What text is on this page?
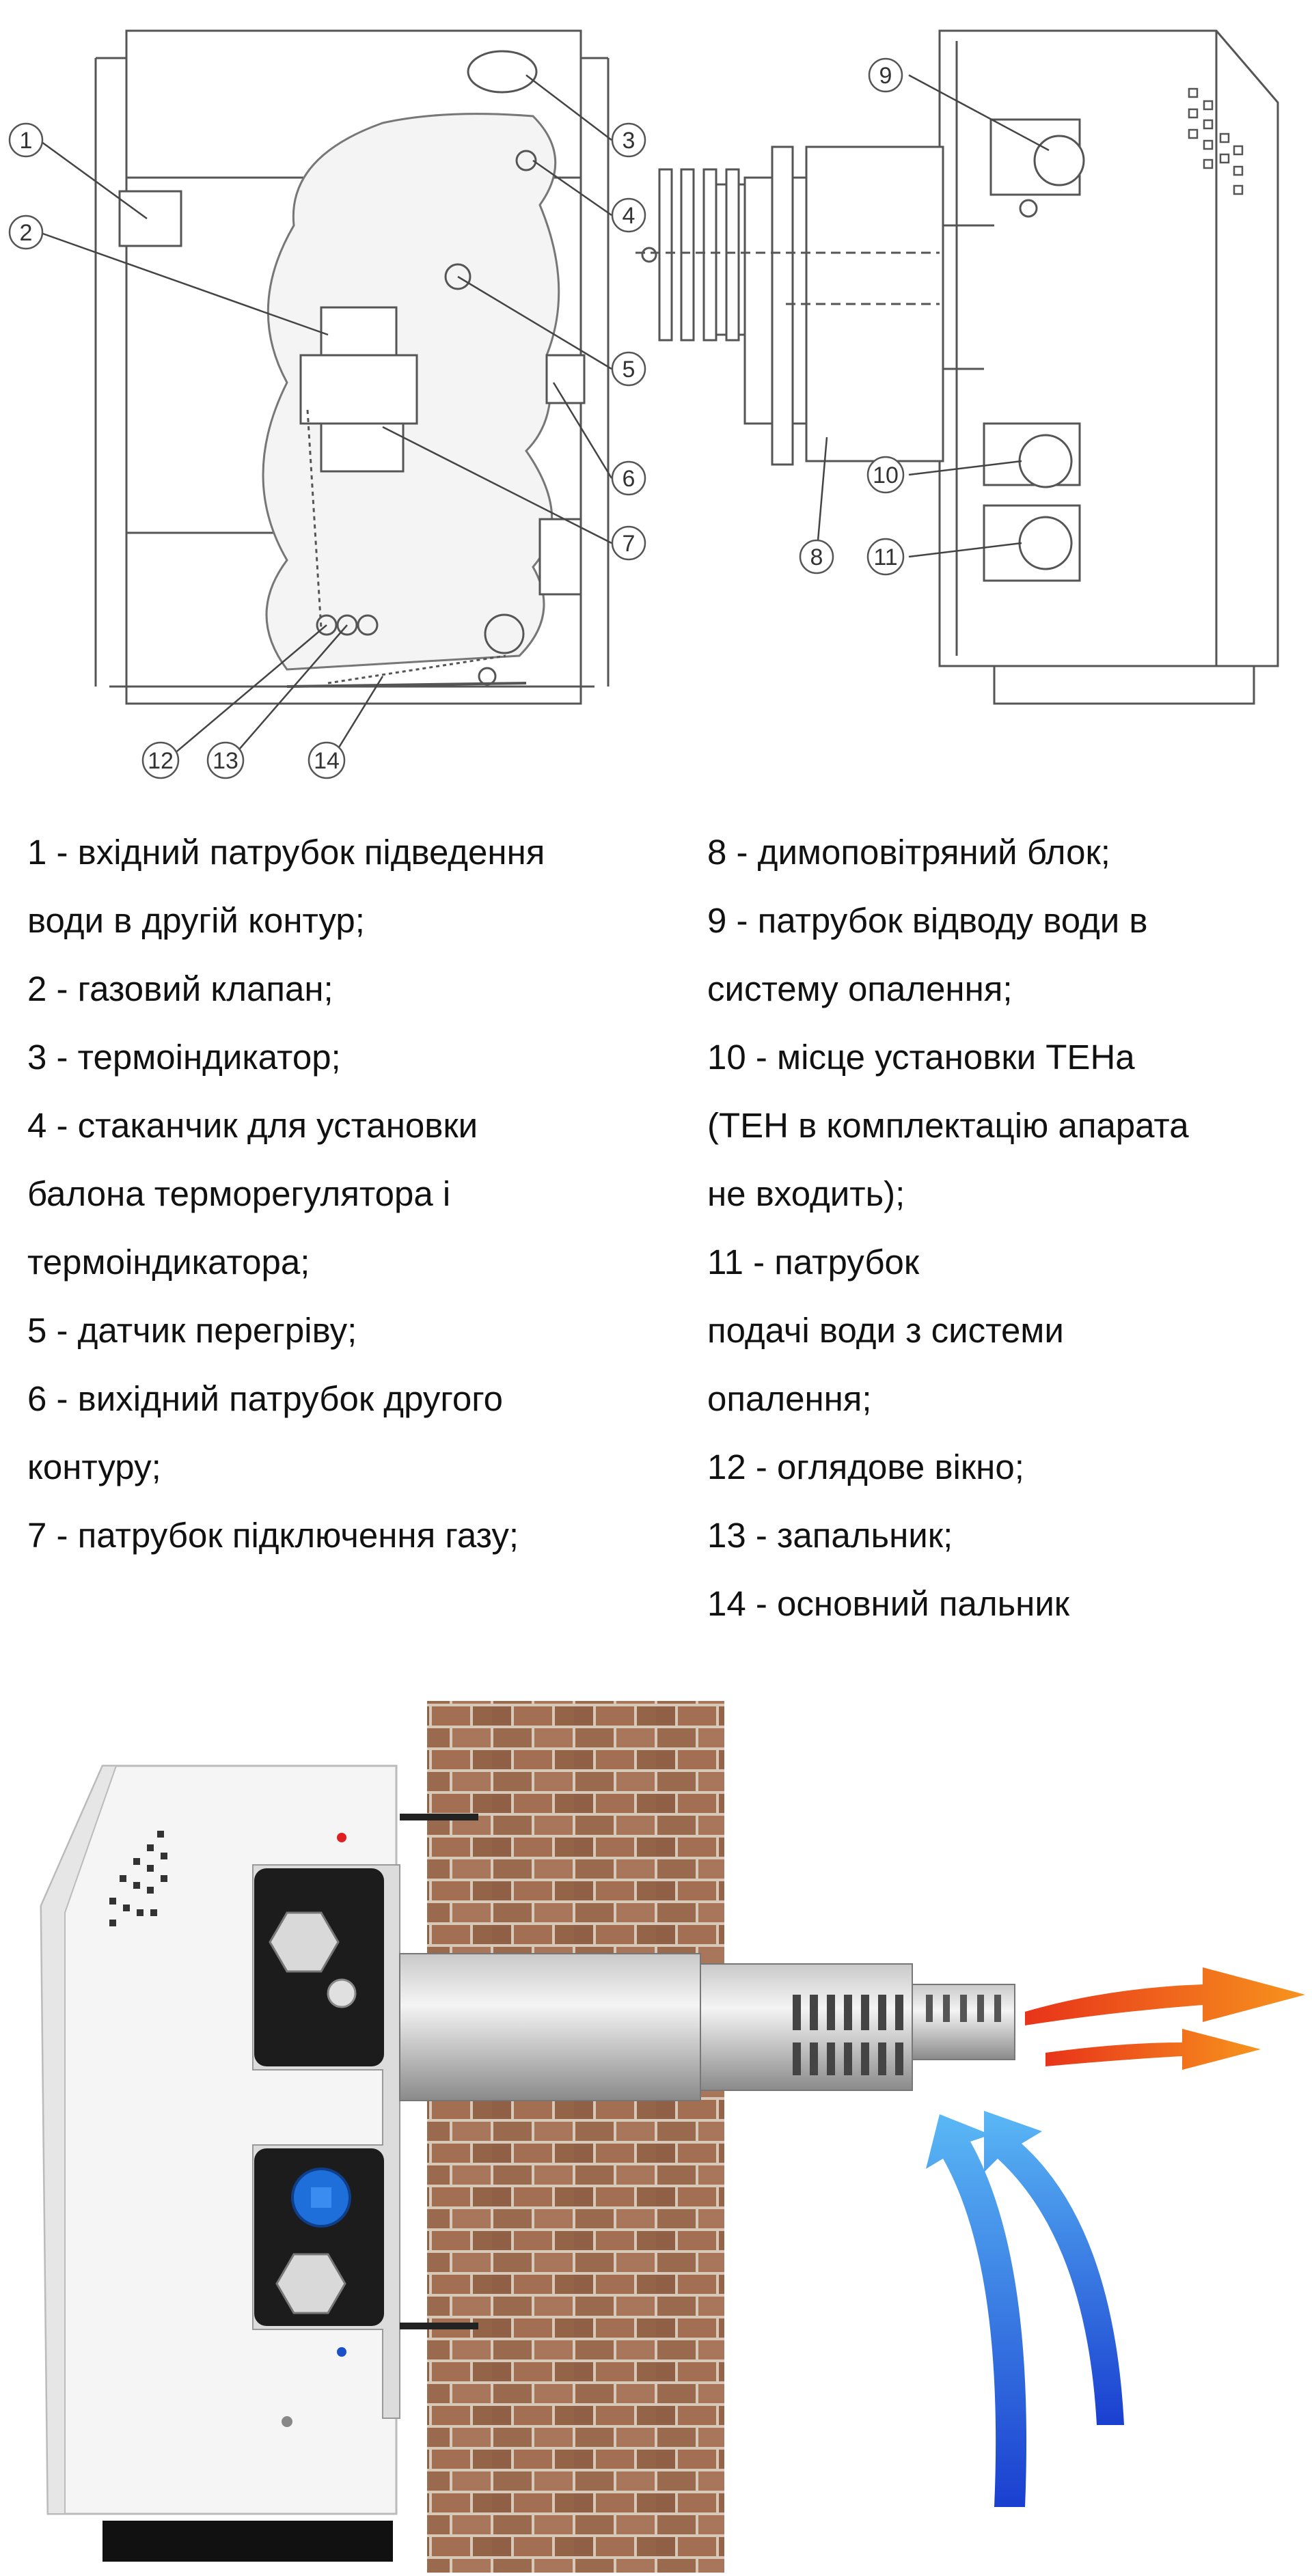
1
2
3
4
5
6
7
8
9
10
11
12 13	14
1 - вхідний патрубок підведення
води в другій контур;
2 - газовий клапан;
3 - термоіндикатор;
4 - стаканчик для установки
балона терморегулятора і
термоіндикатора;
5 - датчик перегріву;
6 - вихідний патрубок другого
контуру;
7 - патрубок підключення газу;
8 - димоповітряний блок;
9 - патрубок відводу води в
систему опалення;
10 - місце установки ТЕНа
(ТЕН в комплектацію апарата
не входить);
11 - патрубок
подачі води з системи
опалення;
12 - оглядове вікно;
13 - запальник;
14 - основний пальник
